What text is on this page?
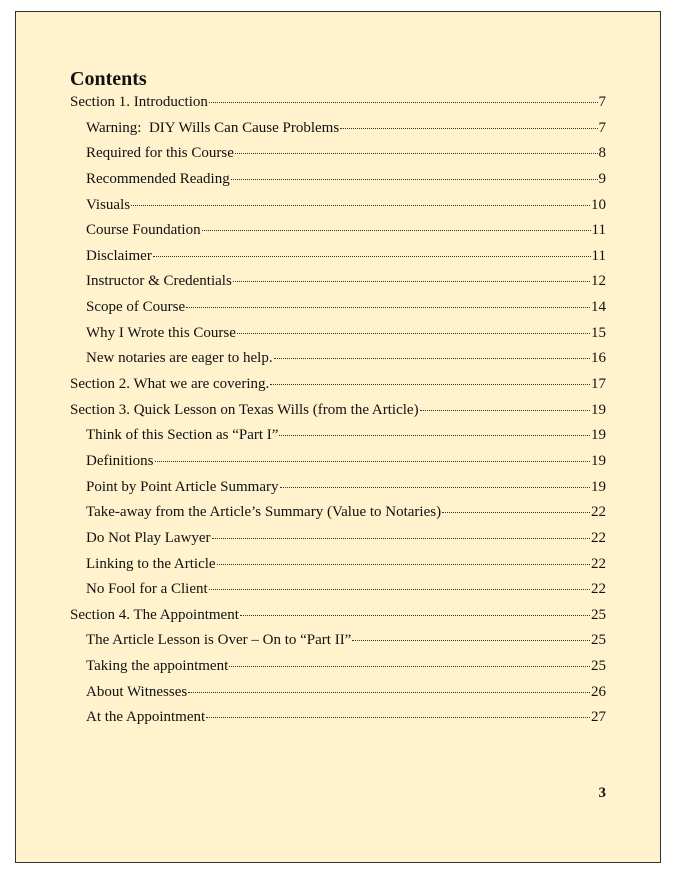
Contents
Section 1. Introduction	7
Warning:  DIY Wills Can Cause Problems	7
Required for this Course	8
Recommended Reading	9
Visuals	10
Course Foundation	11
Disclaimer	11
Instructor & Credentials	12
Scope of Course	14
Why I Wrote this Course	15
New notaries are eager to help.	16
Section 2. What we are covering.	17
Section 3. Quick Lesson on Texas Wills (from the Article)	19
Think of this Section as “Part I”	19
Definitions	19
Point by Point Article Summary	19
Take-away from the Article’s Summary (Value to Notaries)	22
Do Not Play Lawyer	22
Linking to the Article	22
No Fool for a Client	22
Section 4. The Appointment	25
The Article Lesson is Over – On to “Part II”	25
Taking the appointment	25
About Witnesses	26
At the Appointment	27
3
